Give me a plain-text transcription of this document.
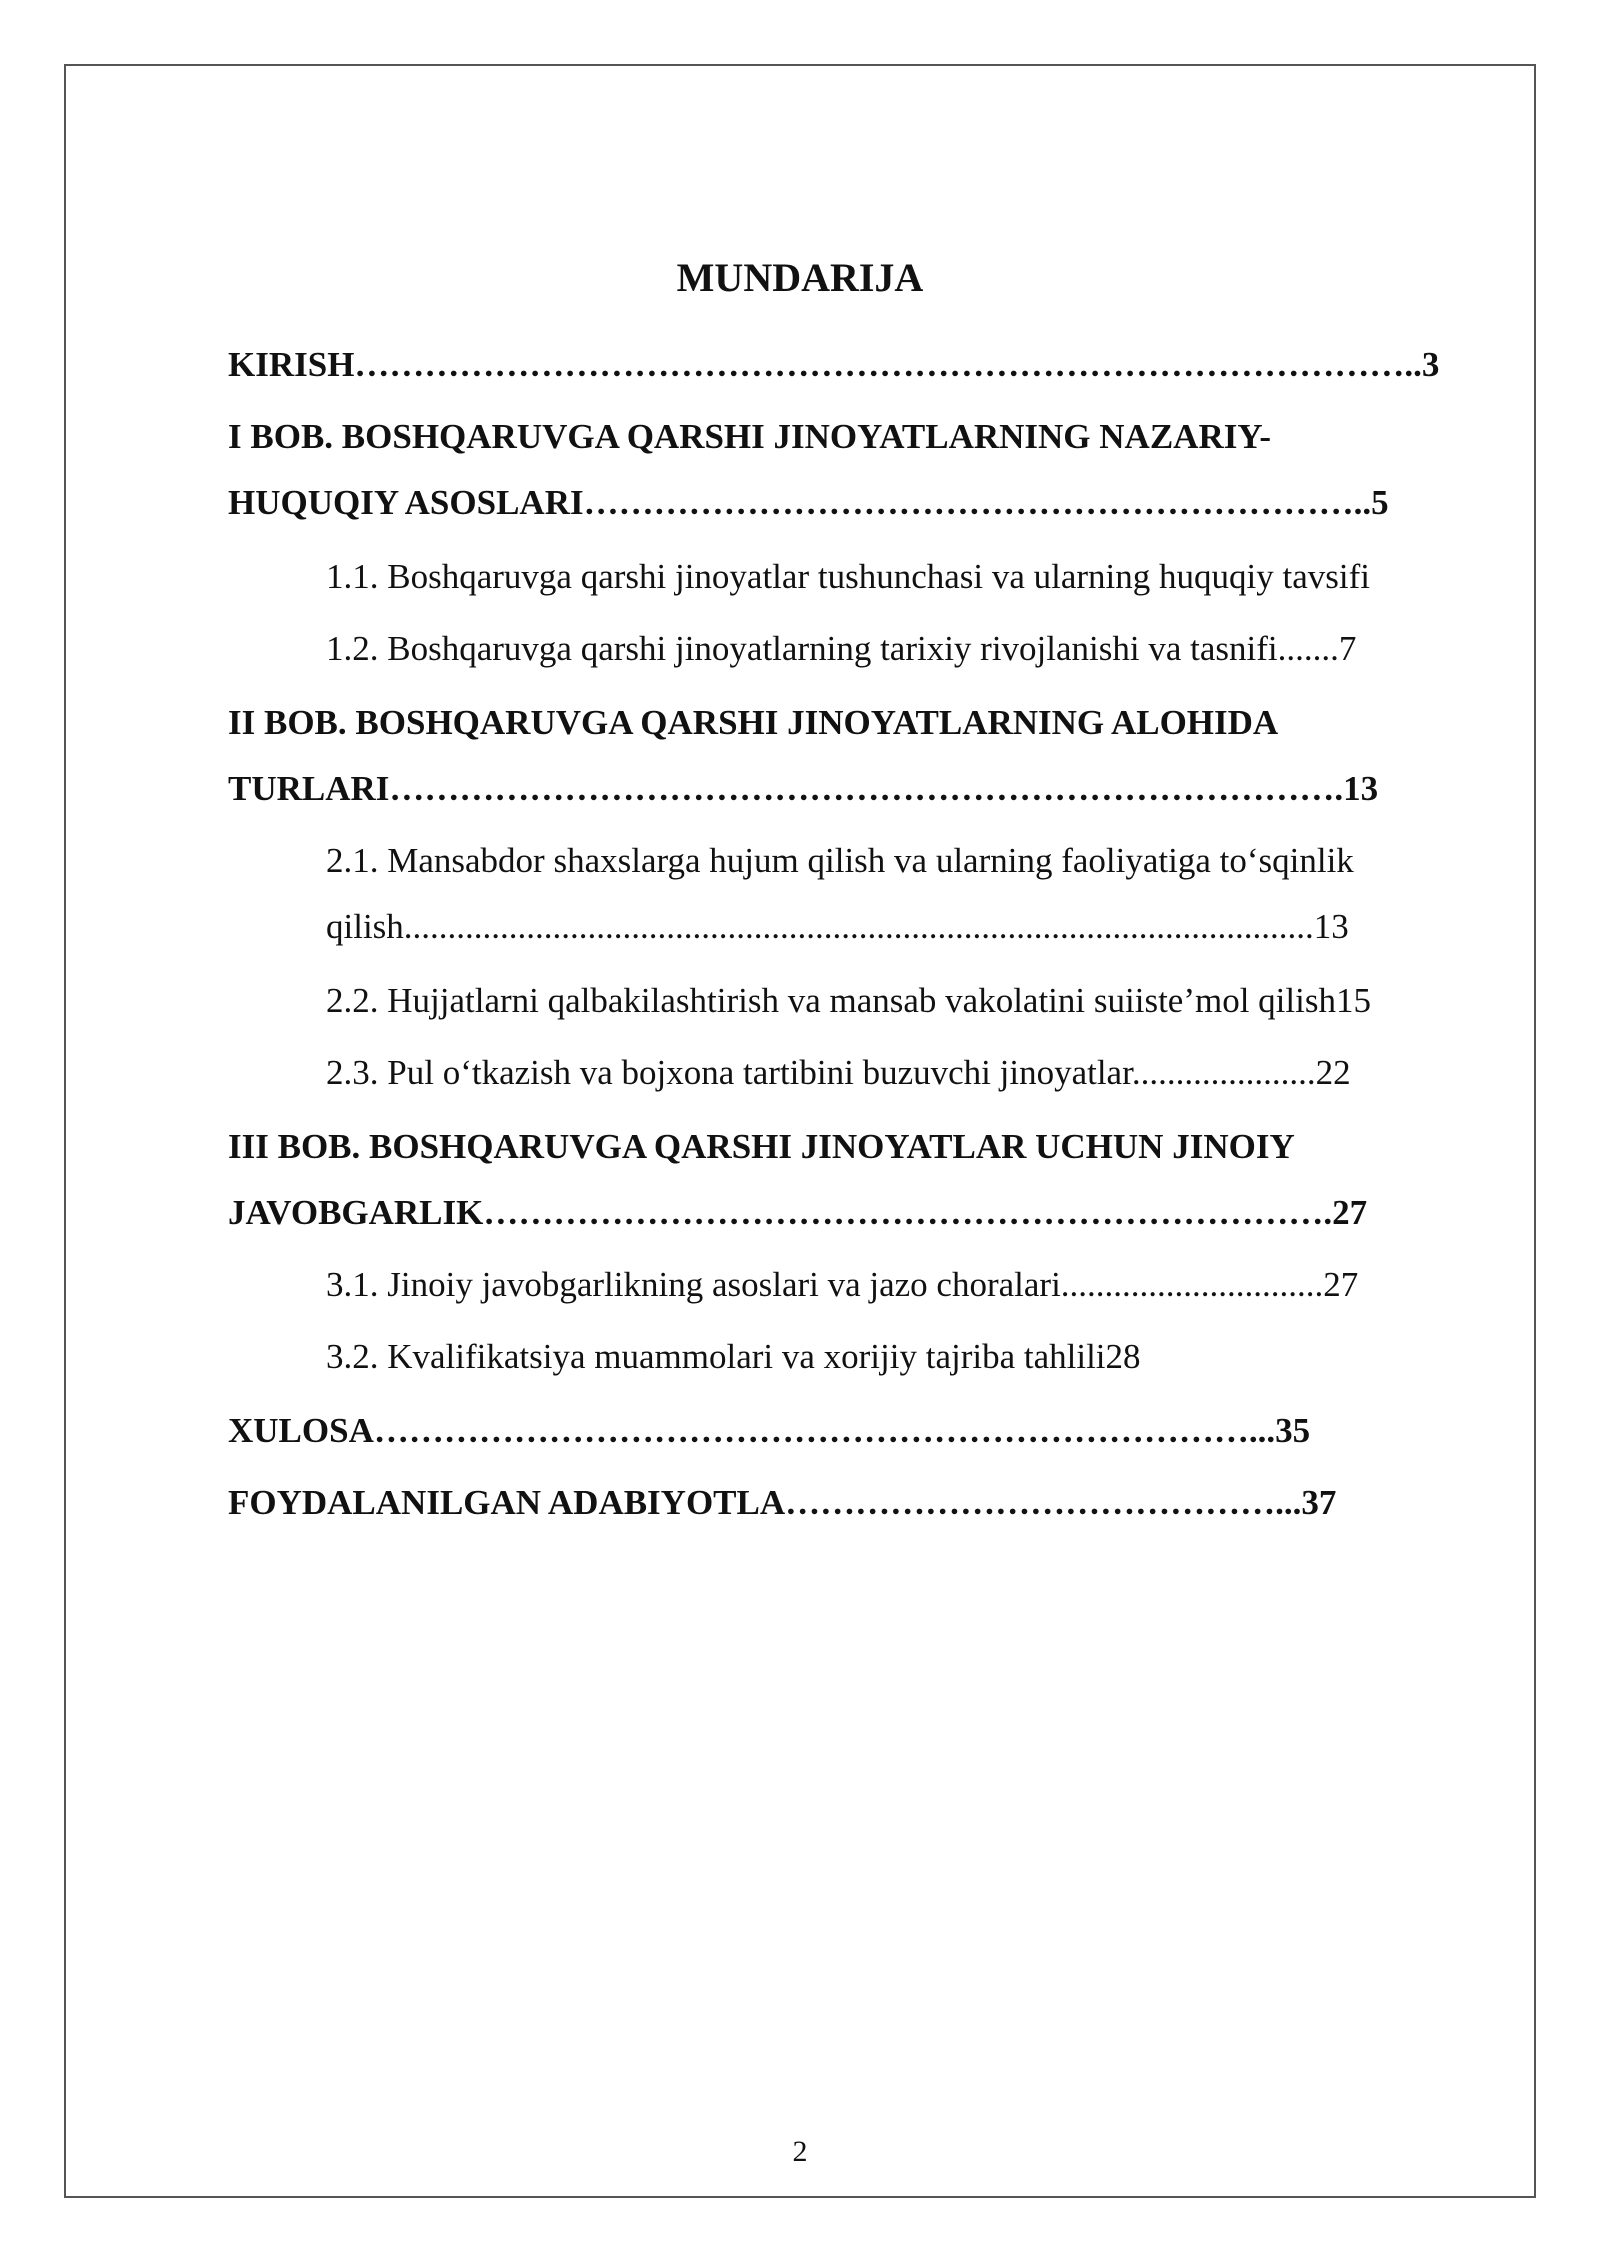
MUNDARIJA

KIRISH………………………………………………………………………………..3

I BOB. BOSHQARUVGA QARSHI JINOYATLARNING NAZARIY-

HUQUQIY ASOSLARI…………………………………………………………..5

1.1. Boshqaruvga qarshi jinoyatlar tushunchasi va ularning huquqiy tavsifi

1.2. Boshqaruvga qarshi jinoyatlarning tarixiy rivojlanishi va tasnifi.......7

II BOB. BOSHQARUVGA QARSHI JINOYATLARNING ALOHIDA

TURLARI……………………………………………………………………….13

2.1. Mansabdor shaxslarga hujum qilish va ularning faoliyatiga to‘sqinlik

qilish........................................................................................................13

2.2. Hujjatlarni qalbakilashtirish va mansab vakolatini suiiste’mol qilish15

2.3. Pul o‘tkazish va bojxona tartibini buzuvchi jinoyatlar.....................22

III BOB. BOSHQARUVGA QARSHI JINOYATLAR UCHUN JINOIY

JAVOBGARLIK……………………………………………………………….27

3.1. Jinoiy javobgarlikning asoslari va jazo choralari..............................27

3.2. Kvalifikatsiya muammolari va xorijiy tajriba tahlili28

XULOSA…………………………………………………………………...35

FOYDALANILGAN ADABIYOTLA……………………………………...37

2
